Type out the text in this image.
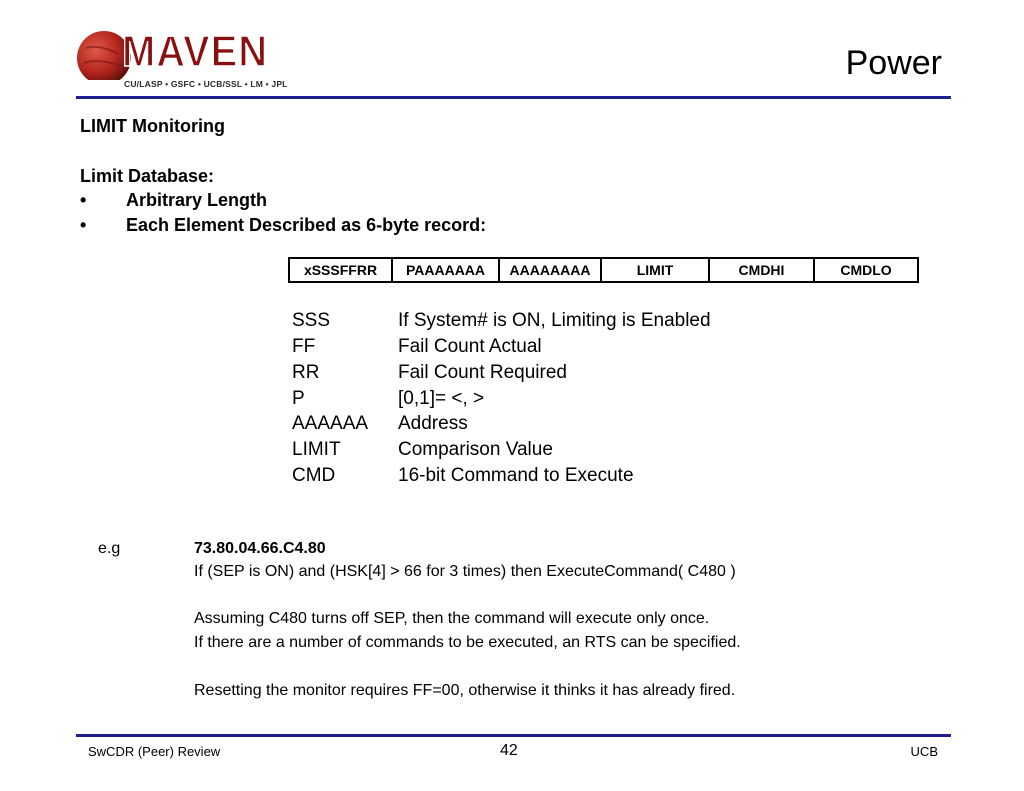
MAVEN
CU/LASP • GSFC • UCB/SSL • LM • JPL
Power
LIMIT Monitoring
Limit Database:
• Arbitrary Length
• Each Element Described as 6-byte record:
xSSSFFRR	PAAAAAAA	AAAAAAAA	LIMIT	CMDHI	CMDLO
SSS	If System# is ON, Limiting is Enabled
FF	Fail Count Actual
RR	Fail Count Required
P	[0,1]= <, >
AAAAAA Address
LIMIT	Comparison Value
CMD	16-bit Command to Execute
e.g	73.80.04.66.C4.80
If (SEP is ON) and (HSK[4] > 66 for 3 times) then ExecuteCommand( C480 )
Assuming C480 turns off SEP, then the command will execute only once.
If there are a number of commands to be executed, an RTS can be specified.
Resetting the monitor requires FF=00, otherwise it thinks it has already fired.
SwCDR (Peer) Review	42	UCB
